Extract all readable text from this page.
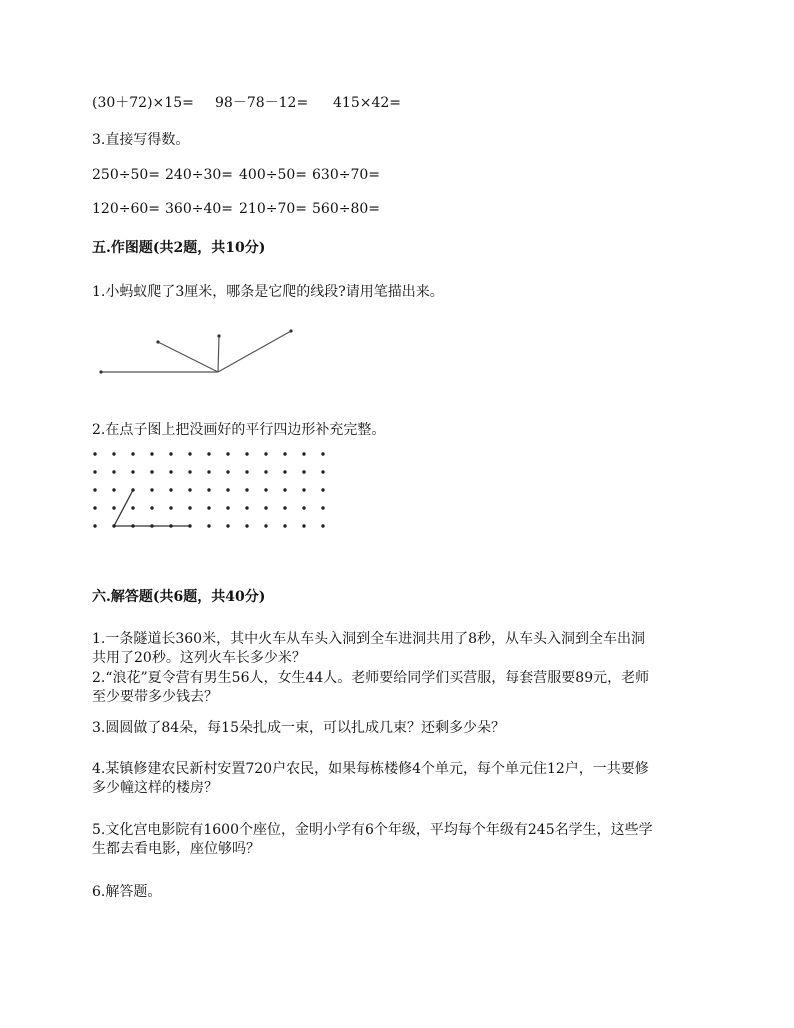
(30＋72)×15= 98－78－12= 415×42=
3.直接写得数。
250÷50= 240÷30= 400÷50= 630÷70=
120÷60= 360÷40= 210÷70= 560÷80=
五.作图题(共2题，共10分)
1.小蚂蚁爬了3厘米，哪条是它爬的线段?请用笔描出来。
2.在点子图上把没画好的平行四边形补充完整。
六.解答题(共6题，共40分)
1.一条隧道长360米，其中火车从车头入洞到全车进洞共用了8秒，从车头入洞到全车出洞
共用了20秒。这列火车长多少米？
2.“浪花”夏令营有男生56人，女生44人。老师要给同学们买营服，每套营服要89元，老师
至少要带多少钱去？
3.圆圆做了84朵，每15朵扎成一束，可以扎成几束？还剩多少朵？
4.某镇修建农民新村安置720户农民，如果每栋楼修4个单元，每个单元住12户，一共要修
多少幢这样的楼房？
5.文化宫电影院有1600个座位，金明小学有6个年级，平均每个年级有245名学生，这些学
生都去看电影，座位够吗？
6.解答题。
